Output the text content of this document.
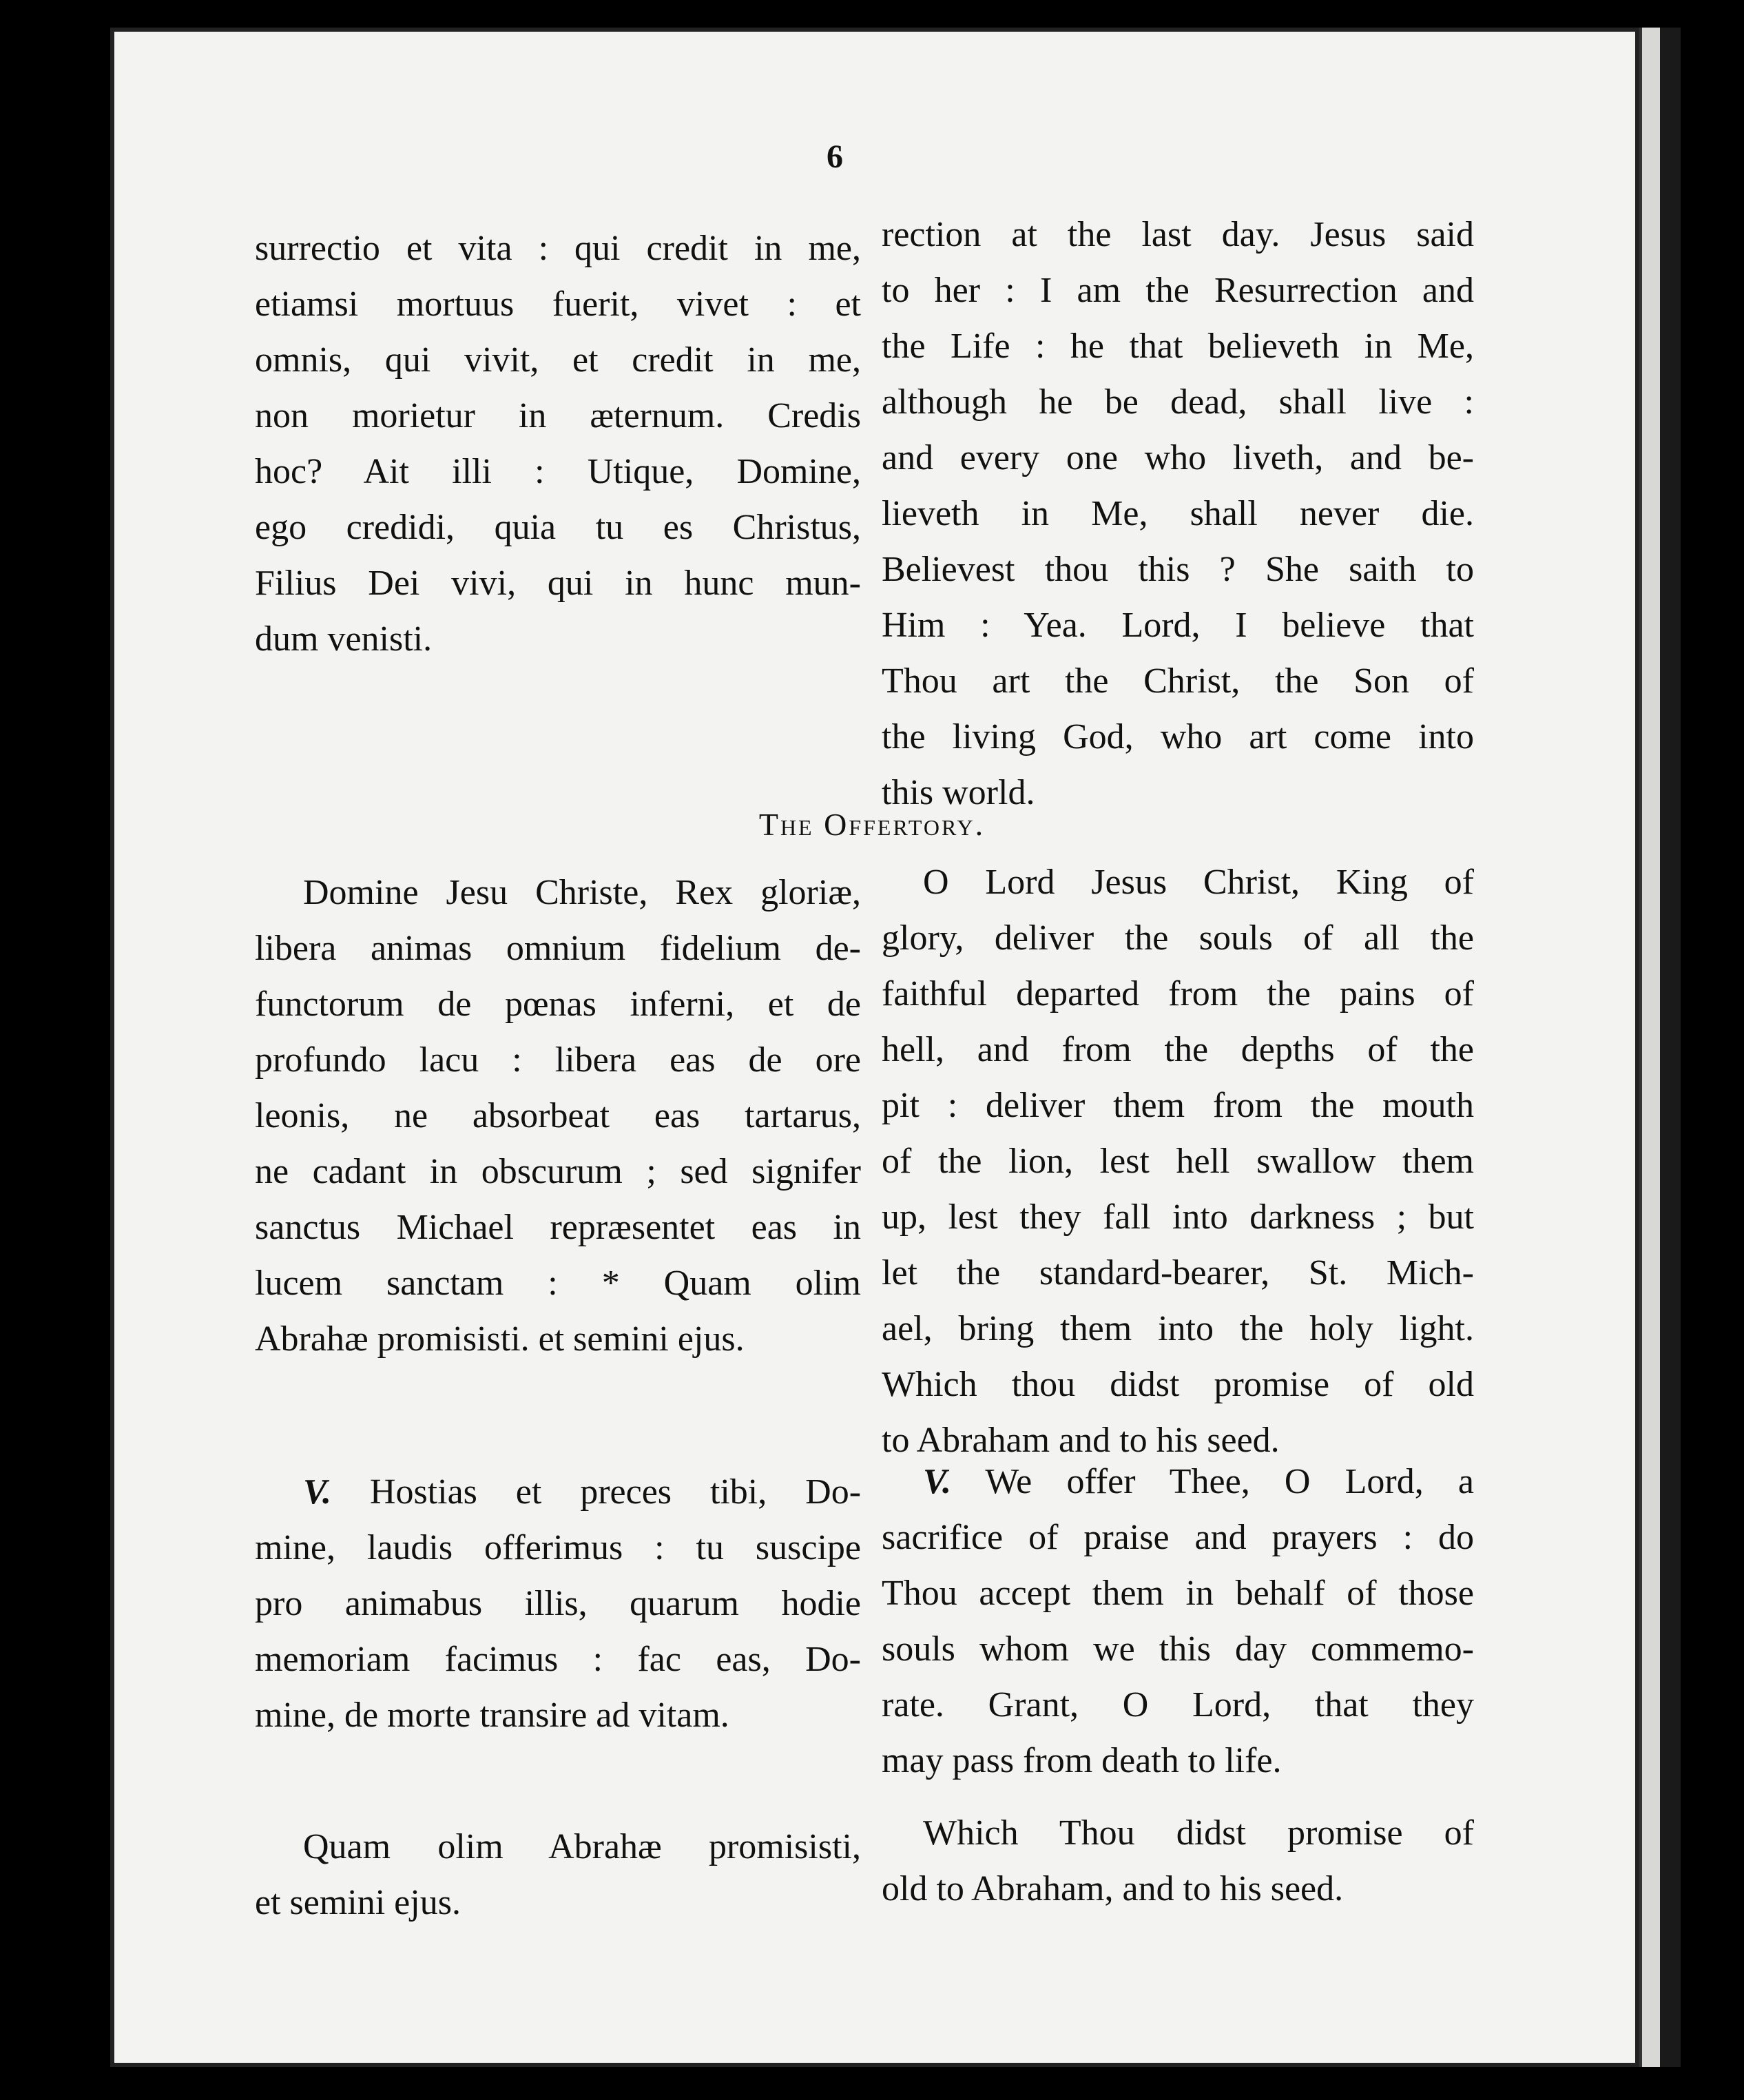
6
surrectio et vita : qui credit in me,
etiamsi mortuus fuerit, vivet : et
omnis, qui vivit, et credit in me,
non morietur in æternum. Credis
hoc? Ait illi : Utique, Domine,
ego credidi, quia tu es Christus,
Filius Dei vivi, qui in hunc mun-
dum venisti.
rection at the last day. Jesus said
to her : I am the Resurrection and
the Life : he that believeth in Me,
although he be dead, shall live :
and every one who liveth, and be-
lieveth in Me, shall never die.
Believest thou this ? She saith to
Him : Yea. Lord, I believe that
Thou art the Christ, the Son of
the living God, who art come into
this world.
The Offertory.
Domine Jesu Christe, Rex gloriæ,
libera animas omnium fidelium de-
functorum de pœnas inferni, et de
profundo lacu : libera eas de ore
leonis, ne absorbeat eas tartarus,
ne cadant in obscurum ; sed signifer
sanctus Michael repræsentet eas in
lucem sanctam : * Quam olim
Abrahæ promisisti. et semini ejus.
O Lord Jesus Christ, King of
glory, deliver the souls of all the
faithful departed from the pains of
hell, and from the depths of the
pit : deliver them from the mouth
of the lion, lest hell swallow them
up, lest they fall into darkness ; but
let the standard-bearer, St. Mich-
ael, bring them into the holy light.
Which thou didst promise of old
to Abraham and to his seed.
V. Hostias et preces tibi, Do-
mine, laudis offerimus : tu suscipe
pro animabus illis, quarum hodie
memoriam facimus : fac eas, Do-
mine, de morte transire ad vitam.
V. We offer Thee, O Lord, a
sacrifice of praise and prayers : do
Thou accept them in behalf of those
souls whom we this day commemo-
rate. Grant, O Lord, that they
may pass from death to life.
Quam olim Abrahæ promisisti,
et semini ejus.
Which Thou didst promise of
old to Abraham, and to his seed.
